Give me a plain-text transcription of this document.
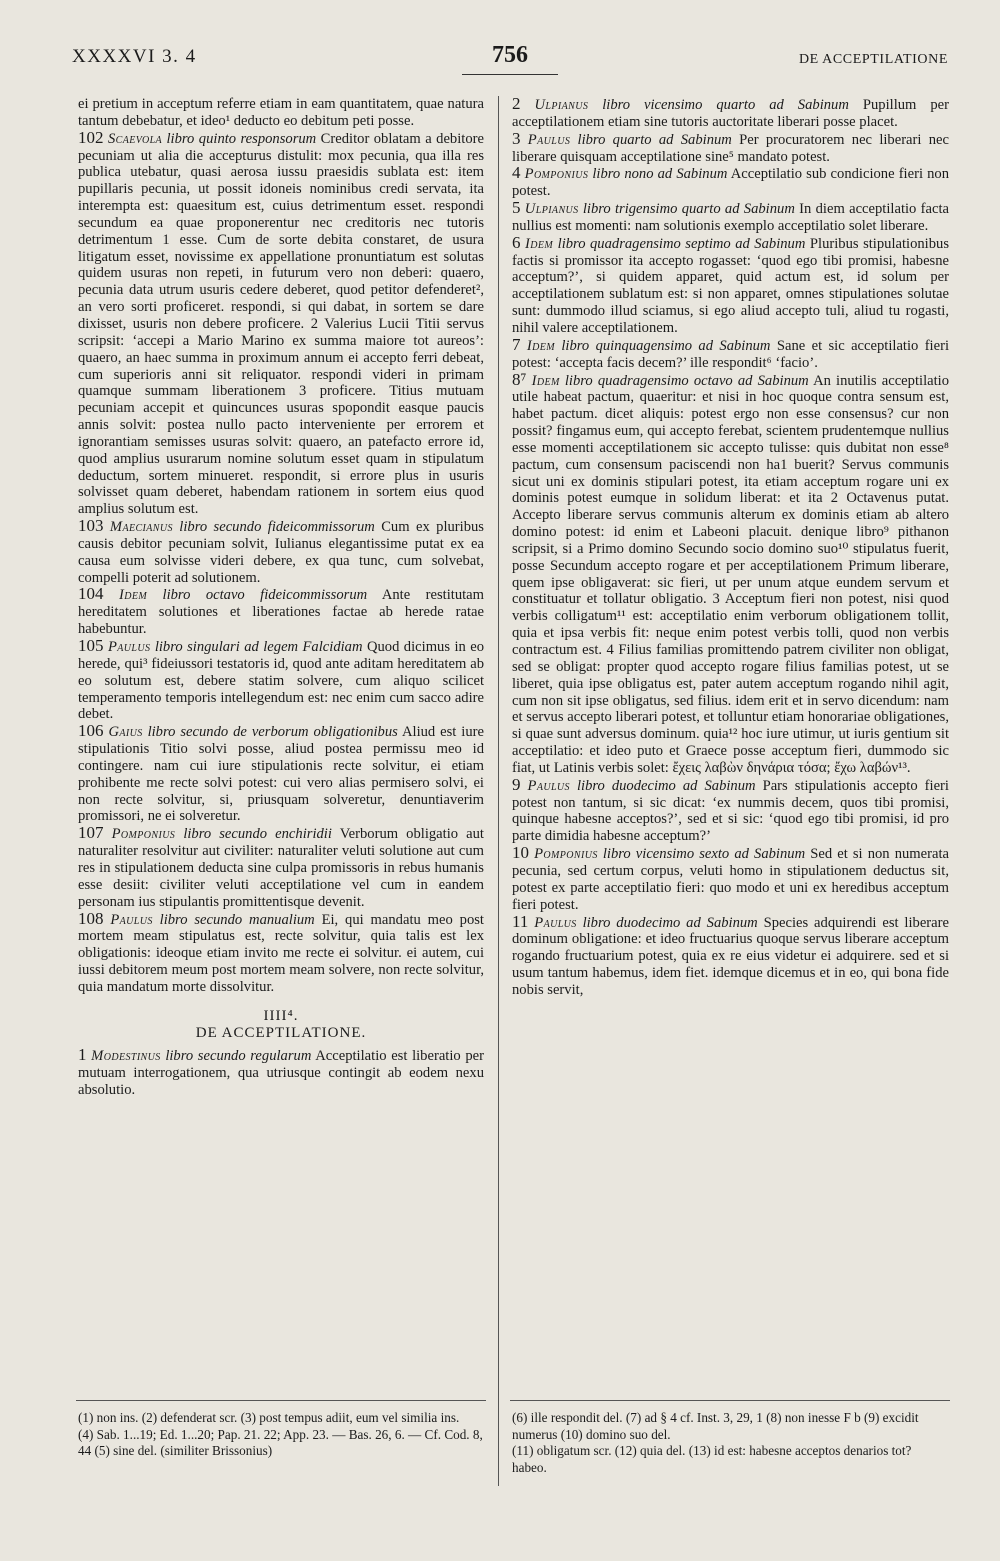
XXXXVI 3. 4	756	DE ACCEPTILATIONE

ei pretium in acceptum referre etiam in eam quantitatem, quae natura tantum debebatur, et ideo¹ deducto eo debitum peti posse.

102 Scaevola libro quinto responsorum Creditor oblatam a debitore pecuniam ut alia die accepturus distulit: mox pecunia, qua illa res publica utebatur, quasi aerosa iussu praesidis sublata est: item pupillaris pecunia, ut possit idoneis nominibus credi servata, ita interempta est: quaesitum est, cuius detrimentum esset. respondi secundum ea quae proponerentur nec creditoris nec tutoris detrimentum 1 esse. Cum de sorte debita constaret, de usura litigatum esset, novissime ex appellatione pronuntiatum est solutas quidem usuras non repeti, in futurum vero non deberi: quaero, pecunia data utrum usuris cedere deberet, quod petitor defenderet², an vero sorti proficeret. respondi, si qui dabat, in sortem se dare dixisset, usuris non debere proficere. 2 Valerius Lucii Titii servus scripsit: ‘accepi a Mario Marino ex summa maiore tot aureos’: quaero, an haec summa in proximum annum ei accepto ferri debeat, cum superioris anni sit reliquator. respondi videri in primam quamque summam liberationem 3 proficere. Titius mutuam pecuniam accepit et quincunces usuras spopondit easque paucis annis solvit: postea nullo pacto interveniente per errorem et ignorantiam semisses usuras solvit: quaero, an patefacto errore id, quod amplius usurarum nomine solutum esset quam in stipulatum deductum, sortem minueret. respondit, si errore plus in usuris solvisset quam deberet, habendam rationem in sortem eius quod amplius solutum est.

103 Maecianus libro secundo fideicommissorum Cum ex pluribus causis debitor pecuniam solvit, Iulianus elegantissime putat ex ea causa eum solvisse videri debere, ex qua tunc, cum solvebat, compelli poterit ad solutionem.

104 Idem libro octavo fideicommissorum Ante restitutam hereditatem solutiones et liberationes factae ab herede ratae habebuntur.

105 Paulus libro singulari ad legem Falcidiam Quod dicimus in eo herede, qui³ fideiussori testatoris id, quod ante aditam hereditatem ab eo solutum est, debere statim solvere, cum aliquo scilicet temperamento temporis intellegendum est: nec enim cum sacco adire debet.

106 Gaius libro secundo de verborum obligationibus Aliud est iure stipulationis Titio solvi posse, aliud postea permissu meo id contingere. nam cui iure stipulationis recte solvitur, ei etiam prohibente me recte solvi potest: cui vero alias permisero solvi, ei non recte solvitur, si, priusquam solveretur, denuntiaverim promissori, ne ei solveretur.

107 Pomponius libro secundo enchiridii Verborum obligatio aut naturaliter resolvitur aut civiliter: naturaliter veluti solutione aut cum res in stipulationem deducta sine culpa promissoris in rebus humanis esse desiit: civiliter veluti acceptilatione vel cum in eandem personam ius stipulantis promittentisque devenit.

108 Paulus libro secundo manualium Ei, qui mandatu meo post mortem meam stipulatus est, recte solvitur, quia talis est lex obligationis: ideoque etiam invito me recte ei solvitur. ei autem, cui iussi debitorem meum post mortem meam solvere, non recte solvitur, quia mandatum morte dissolvitur.

IIII⁴.

DE ACCEPTILATIONE.

1 Modestinus libro secundo regularum Acceptilatio est liberatio per mutuam interrogationem, qua utriusque contingit ab eodem nexu absolutio.

2 Ulpianus libro vicensimo quarto ad Sabinum Pupillum per acceptilationem etiam sine tutoris auctoritate liberari posse placet.

3 Paulus libro quarto ad Sabinum Per procuratorem nec liberari nec liberare quisquam acceptilatione sine⁵ mandato potest.

4 Pomponius libro nono ad Sabinum Acceptilatio sub condicione fieri non potest.

5 Ulpianus libro trigensimo quarto ad Sabinum In diem acceptilatio facta nullius est momenti: nam solutionis exemplo acceptilatio solet liberare.

6 Idem libro quadragensimo septimo ad Sabinum Pluribus stipulationibus factis si promissor ita accepto rogasset: ‘quod ego tibi promisi, habesne acceptum?’, si quidem apparet, quid actum est, id solum per acceptilationem sublatum est: si non apparet, omnes stipulationes solutae sunt: dummodo illud sciamus, si ego aliud accepto tuli, aliud tu rogasti, nihil valere acceptilationem.

7 Idem libro quinquagensimo ad Sabinum Sane et sic acceptilatio fieri potest: ‘accepta facis decem?’ ille respondit⁶ ‘facio’.

8⁷ Idem libro quadragensimo octavo ad Sabinum An inutilis acceptilatio utile habeat pactum, quaeritur: et nisi in hoc quoque contra sensum est, habet pactum. dicet aliquis: potest ergo non esse consensus? cur non possit? fingamus eum, qui accepto ferebat, scientem prudentemque nullius esse momenti acceptilationem sic accepto tulisse: quis dubitat non esse⁸ pactum, cum consensum paciscendi non ha1 buerit? Servus communis sicut uni ex dominis stipulari potest, ita etiam acceptum rogare uni ex dominis potest eumque in solidum liberat: et ita 2 Octavenus putat. Accepto liberare servus communis alterum ex dominis etiam ab altero domino potest: id enim et Labeoni placuit. denique libro⁹ pithanon scripsit, si a Primo domino Secundo socio domino suo¹⁰ stipulatus fuerit, posse Secundum accepto rogare et per acceptilationem Primum liberare, quem ipse obligaverat: sic fieri, ut per unum atque eundem servum et constituatur et tollatur obligatio. 3 Acceptum fieri non potest, nisi quod verbis colligatum¹¹ est: acceptilatio enim verborum obligationem tollit, quia et ipsa verbis fit: neque enim potest verbis tolli, quod non verbis contractum est. 4 Filius familias promittendo patrem civiliter non obligat, sed se obligat: propter quod accepto rogare filius familias potest, ut se liberet, quia ipse obligatus est, pater autem acceptum rogando nihil agit, cum non sit ipse obligatus, sed filius. idem erit et in servo dicendum: nam et servus accepto liberari potest, et tolluntur etiam honorariae obligationes, si quae sunt adversus dominum. quia¹² hoc iure utimur, ut iuris gentium sit acceptilatio: et ideo puto et Graece posse acceptum fieri, dummodo sic fiat, ut Latinis verbis solet: ἔχεις λαβὼν δηνάρια τόσα; ἔχω λαβών¹³.

9 Paulus libro duodecimo ad Sabinum Pars stipulationis accepto fieri potest non tantum, si sic dicat: ‘ex nummis decem, quos tibi promisi, quinque habesne acceptos?’, sed et si sic: ‘quod ego tibi promisi, id pro parte dimidia habesne acceptum?’

10 Pomponius libro vicensimo sexto ad Sabinum Sed et si non numerata pecunia, sed certum corpus, veluti homo in stipulationem deductus sit, potest ex parte acceptilatio fieri: quo modo et uni ex heredibus acceptum fieri potest.

11 Paulus libro duodecimo ad Sabinum Species adquirendi est liberare dominum obligatione: et ideo fructuarius quoque servus liberare acceptum rogando fructuarium potest, quia ex re eius videtur ei adquirere. sed et si usum tantum habemus, idem fiet. idemque dicemus et in eo, qui bona fide nobis servit,

(1) non ins. (2) defenderat scr. (3) post tempus adiit, eum vel similia ins.

(4) Sab. 1...19; Ed. 1...20; Pap. 21. 22; App. 23. — Bas. 26, 6. — Cf. Cod. 8, 44 (5) sine del. (similiter Brissonius)

(6) ille respondit del. (7) ad § 4 cf. Inst. 3, 29, 1 (8) non inesse F b (9) excidit numerus (10) domino suo del.

(11) obligatum scr. (12) quia del. (13) id est: habesne acceptos denarios tot? habeo.
